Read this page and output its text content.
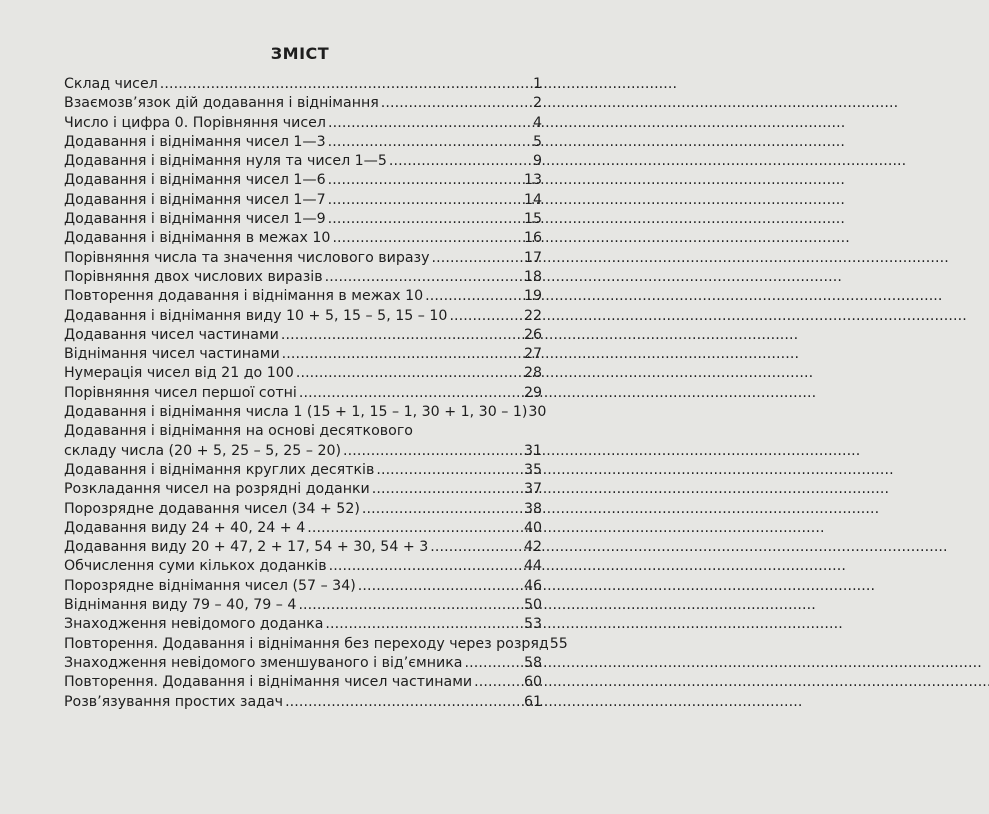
ЗМІСТ
Склад чисел . . .	1
Взаємозв’язок дій додавання і віднімання . . .	2
Число і цифра 0. Порівняння чисел . . .	4
Додавання і віднімання чисел 1—3 . . .	5
Додавання і віднімання нуля та чисел 1—5 . . .	9
Додавання і віднімання чисел 1—6 . . .	13
Додавання і віднімання чисел 1—7 . . .	14
Додавання і віднімання чисел 1—9 . . .	15
Додавання і віднімання в межах 10 . . .	16
Порівняння числа та значення числового виразу . . .	17
Порівняння двох числових виразів . . .	18
Повторення додавання і віднімання в межах 10 . . .	19
Додавання і віднімання виду 10 + 5, 15 – 5, 15 – 10 . . .	22
Додавання чисел частинами . . .	26
Віднімання чисел частинами . . .	27
Нумерація чисел від 21 до 100 . . .	28
Порівняння чисел першої сотні . . .	29
Додавання і віднімання числа 1 (15 + 1, 15 – 1, 30 + 1, 30 – 1) 30
Додавання і віднімання на основі десяткового
складу числа (20 + 5, 25 – 5, 25 – 20) . . .	31
Додавання і віднімання круглих десятків . . .	35
Розкладання чисел на розрядні доданки . . .	37
Порозрядне додавання чисел (34 + 52) . . .	38
Додавання виду 24 + 40, 24 + 4 . . .	40
Додавання виду 20 + 47, 2 + 17, 54 + 30, 54 + 3 . . .	42
Обчислення суми кількох доданків . . .	44
Порозрядне віднімання чисел (57 – 34) . . .	46
Віднімання виду 79 – 40, 79 – 4 . . .	50
Знаходження невідомого доданка . . .	53
Повторення. Додавання і віднімання без переходу через розряд 55
Знаходження невідомого зменшуваного і від’ємника . . .	58
Повторення. Додавання і віднімання чисел частинами . . .	60
Розв’язування простих задач . . .	61
